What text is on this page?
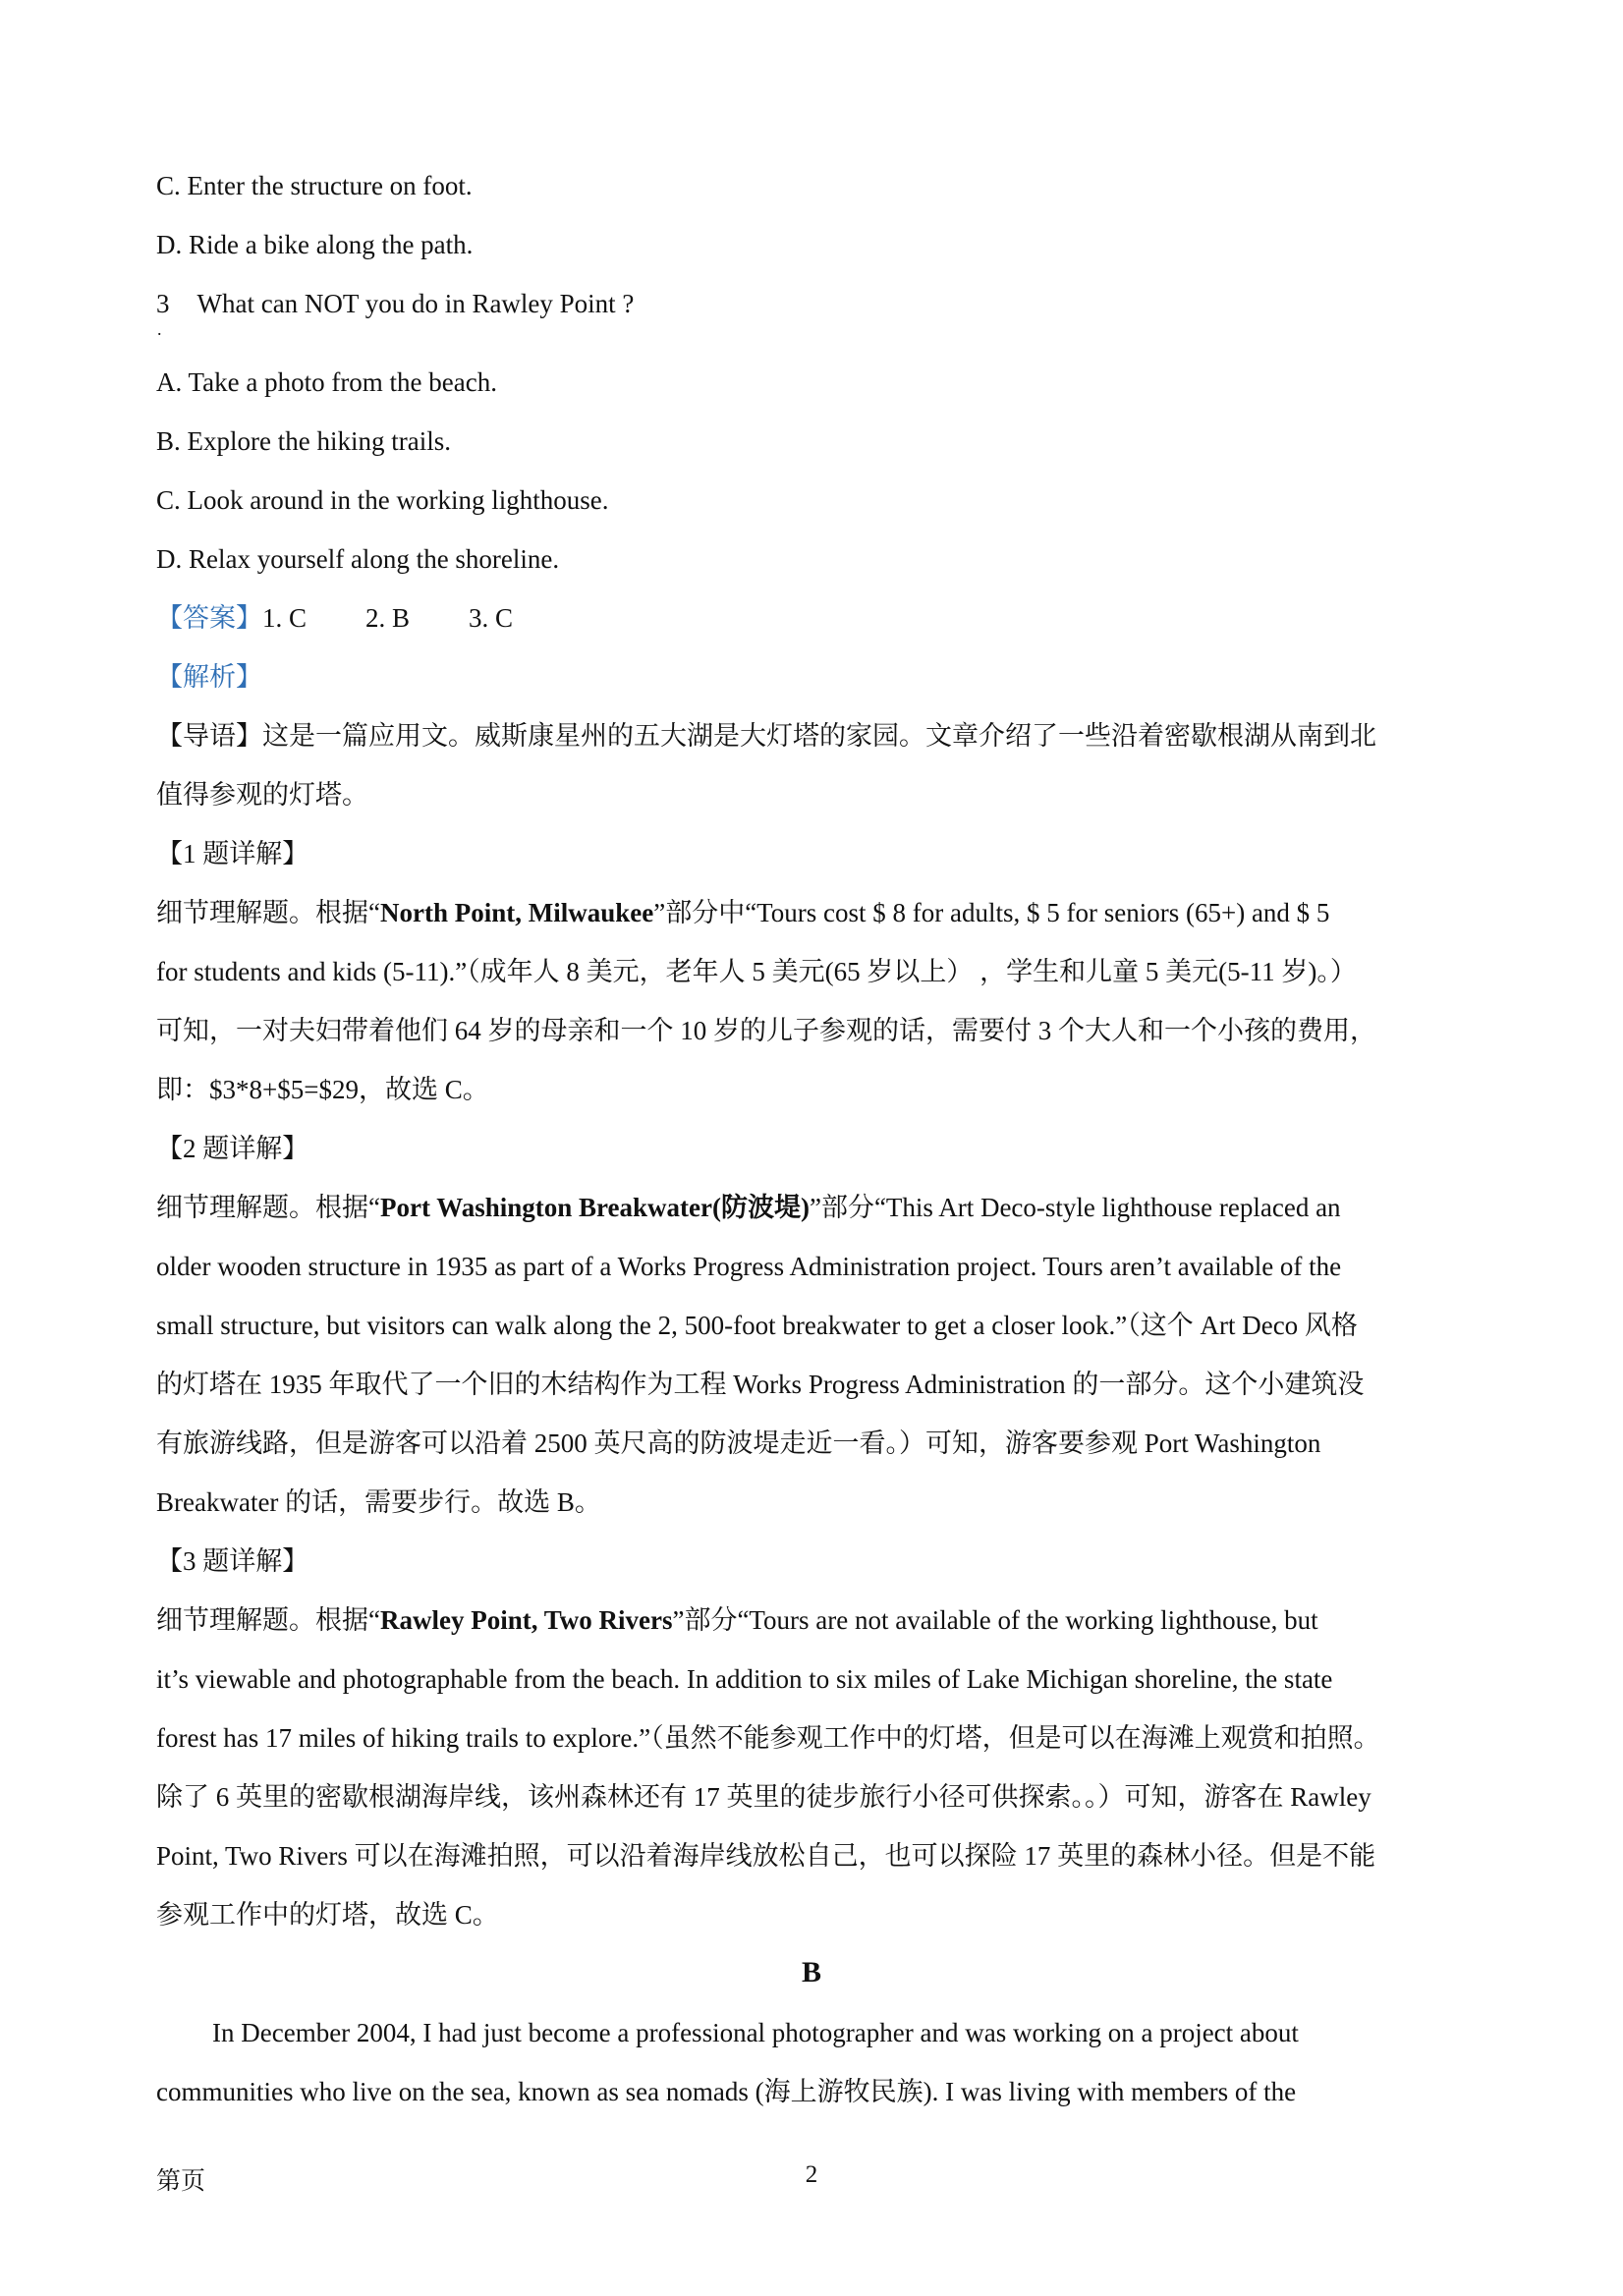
C. Enter the structure on foot.
D. Ride a bike along the path.
3 What can NOT you do in Rawley Point ?
.
A. Take a photo from the beach.
B. Explore the hiking trails.
C. Look around in the working lighthouse.
D. Relax yourself along the shoreline.
【答案】1. C 2. B 3. C
【解析】
【导语】这是一篇应用文。威斯康星州的五大湖是大灯塔的家园。文章介绍了一些沿着密歇根湖从南到北
值得参观的灯塔。
【1 题详解】
细节理解题。根据“North Point, Milwaukee”部分中“Tours cost $ 8 for adults, $ 5 for seniors (65+) and $ 5
for students and kids (5-11).”（成年人 8 美元，老年人 5 美元(65 岁以上） ，学生和儿童 5 美元(5-11 岁)。）
可知，一对夫妇带着他们 64 岁的母亲和一个 10 岁的儿子参观的话，需要付 3 个大人和一个小孩的费用，
即：$3*8+$5=$29，故选 C。
【2 题详解】
细节理解题。根据“Port Washington Breakwater(防波堤)”部分“This Art Deco-style lighthouse replaced an
older wooden structure in 1935 as part of a Works Progress Administration project. Tours aren’t available of the
small structure, but visitors can walk along the 2, 500-foot breakwater to get a closer look.”（这个 Art Deco 风格
的灯塔在 1935 年取代了一个旧的木结构作为工程 Works Progress Administration 的一部分。这个小建筑没
有旅游线路，但是游客可以沿着 2500 英尺高的防波堤走近一看。）可知，游客要参观 Port Washington
Breakwater 的话，需要步行。故选 B。
【3 题详解】
细节理解题。根据“Rawley Point, Two Rivers”部分“Tours are not available of the working lighthouse, but
it’s viewable and photographable from the beach. In addition to six miles of Lake Michigan shoreline, the state
forest has 17 miles of hiking trails to explore.”（虽然不能参观工作中的灯塔，但是可以在海滩上观赏和拍照。
除了 6 英里的密歇根湖海岸线，该州森林还有 17 英里的徒步旅行小径可供探索。。）可知，游客在 Rawley
Point, Two Rivers 可以在海滩拍照，可以沿着海岸线放松自己，也可以探险 17 英里的森林小径。但是不能
参观工作中的灯塔，故选 C。
B
In December 2004, I had just become a professional photographer and was working on a project about
communities who live on the sea, known as sea nomads (海上游牧民族). I was living with members of the
第页	2
